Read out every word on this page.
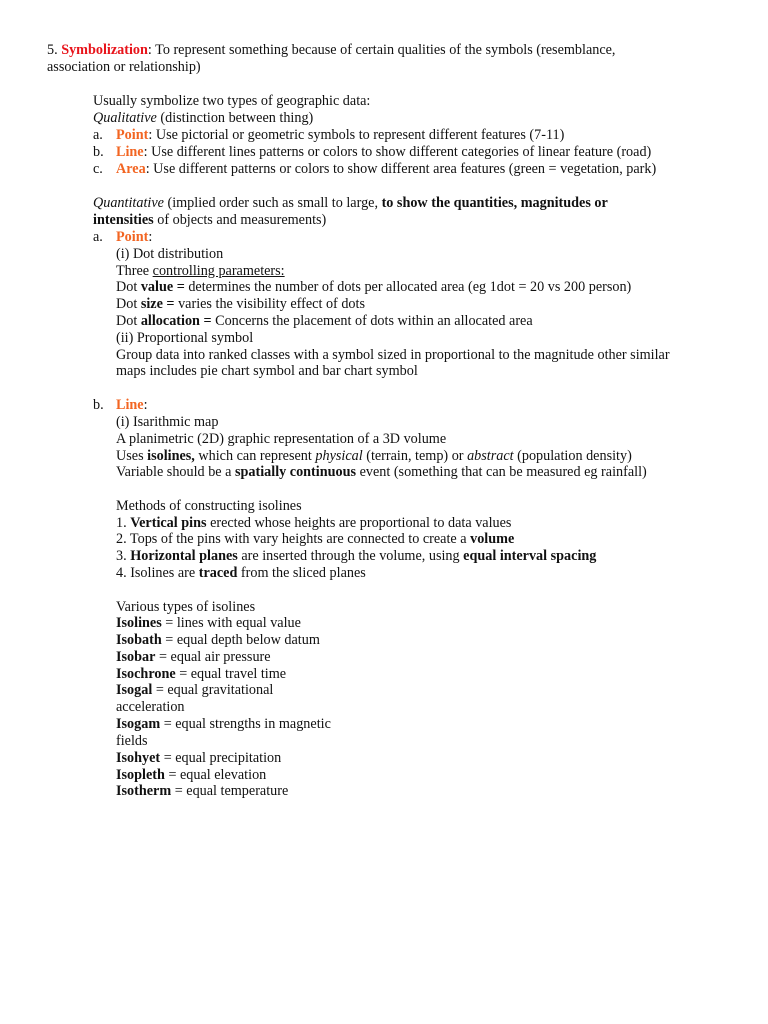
5. Symbolization: To represent something because of certain qualities of the symbols (resemblance,
association or relationship)
Usually symbolize two types of geographic data:
Qualitative (distinction between thing)
a. Point: Use pictorial or geometric symbols to represent different features (7-11)
b. Line: Use different lines patterns or colors to show different categories of linear feature (road)
c. Area: Use different patterns or colors to show different area features (green = vegetation, park)
Quantitative (implied order such as small to large, to show the quantities, magnitudes or
intensities of objects and measurements)
a. Point:
(i) Dot distribution
Three controlling parameters:
Dot value = determines the number of dots per allocated area (eg 1dot = 20 vs 200 person)
Dot size = varies the visibility effect of dots
Dot allocation = Concerns the placement of dots within an allocated area
(ii) Proportional symbol
Group data into ranked classes with a symbol sized in proportional to the magnitude other similar
maps includes pie chart symbol and bar chart symbol
b. Line:
(i) Isarithmic map
A planimetric (2D) graphic representation of a 3D volume
Uses isolines, which can represent physical (terrain, temp) or abstract (population density)
Variable should be a spatially continuous event (something that can be measured eg rainfall)
Methods of constructing isolines
1. Vertical pins erected whose heights are proportional to data values
2. Tops of the pins with vary heights are connected to create a volume
3. Horizontal planes are inserted through the volume, using equal interval spacing
4. Isolines are traced from the sliced planes
Various types of isolines
Isolines = lines with equal value
Isobath = equal depth below datum
Isobar = equal air pressure
Isochrone = equal travel time
Isogal = equal gravitational acceleration
Isogam = equal strengths in magnetic fields
Isohyet = equal precipitation
Isopleth = equal elevation
Isotherm = equal temperature
